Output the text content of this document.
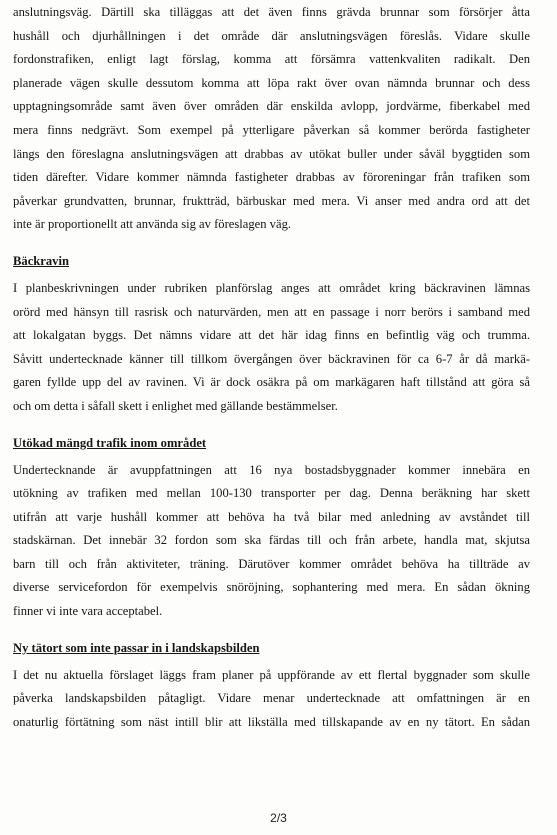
anslutningsväg. Därtill ska tilläggas att det även finns grävda brunnar som försörjer åtta
hushåll och djurhållningen i det område där anslutningsvägen föreslås. Vidare skulle
fordonstrafiken, enligt lagt förslag, komma att försämra vattenkvaliten radikalt. Den
planerade vägen skulle dessutom komma att löpa rakt över ovan nämnda brunnar och dess
upptagningsområde samt även över områden där enskilda avlopp, jordvärme, fiberkabel med
mera finns nedgrävt. Som exempel på ytterligare påverkan så kommer berörda fastigheter
längs den föreslagna anslutningsvägen att drabbas av utökat buller under såväl byggtiden som
tiden därefter. Vidare kommer nämnda fastigheter drabbas av föroreningar från trafiken som
påverkar grundvatten, brunnar, fruktträd, bärbuskar med mera. Vi anser med andra ord att det
inte är proportionellt att använda sig av föreslagen väg.

Bäckravin

I planbeskrivningen under rubriken planförslag anges att området kring bäckravinen lämnas
orörd med hänsyn till rasrisk och naturvärden, men att en passage i norr berörs i samband med
att lokalgatan byggs. Det nämns vidare att det här idag finns en befintlig väg och trumma.
Såvitt undertecknade känner till tillkom övergången över bäckravinen för ca 6-7 år då markä-
garen fyllde upp del av ravinen. Vi är dock osäkra på om markägaren haft tillstånd att göra så
och om detta i såfall skett i enlighet med gällande bestämmelser.

Utökad mängd trafik inom området

Undertecknande är avuppfattningen att 16 nya bostadsbyggnader kommer innebära en
utökning av trafiken med mellan 100-130 transporter per dag. Denna beräkning har skett
utifrån att varje hushåll kommer att behöva ha två bilar med anledning av avståndet till
stadskärnan. Det innebär 32 fordon som ska färdas till och från arbete, handla mat, skjutsa
barn till och från aktiviteter, träning. Därutöver kommer området behöva ha tillträde av
diverse servicefordon för exempelvis snöröjning, sophantering med mera. En sådan ökning
finner vi inte vara acceptabel.

Ny tätort som inte passar in i landskapsbilden

I det nu aktuella förslaget läggs fram planer på uppförande av ett flertal byggnader som skulle
påverka landskapsbilden påtagligt. Vidare menar undertecknade att omfattningen är en
onaturlig förtätning som näst intill blir att likställa med tillskapande av en ny tätort. En sådan

2/3
